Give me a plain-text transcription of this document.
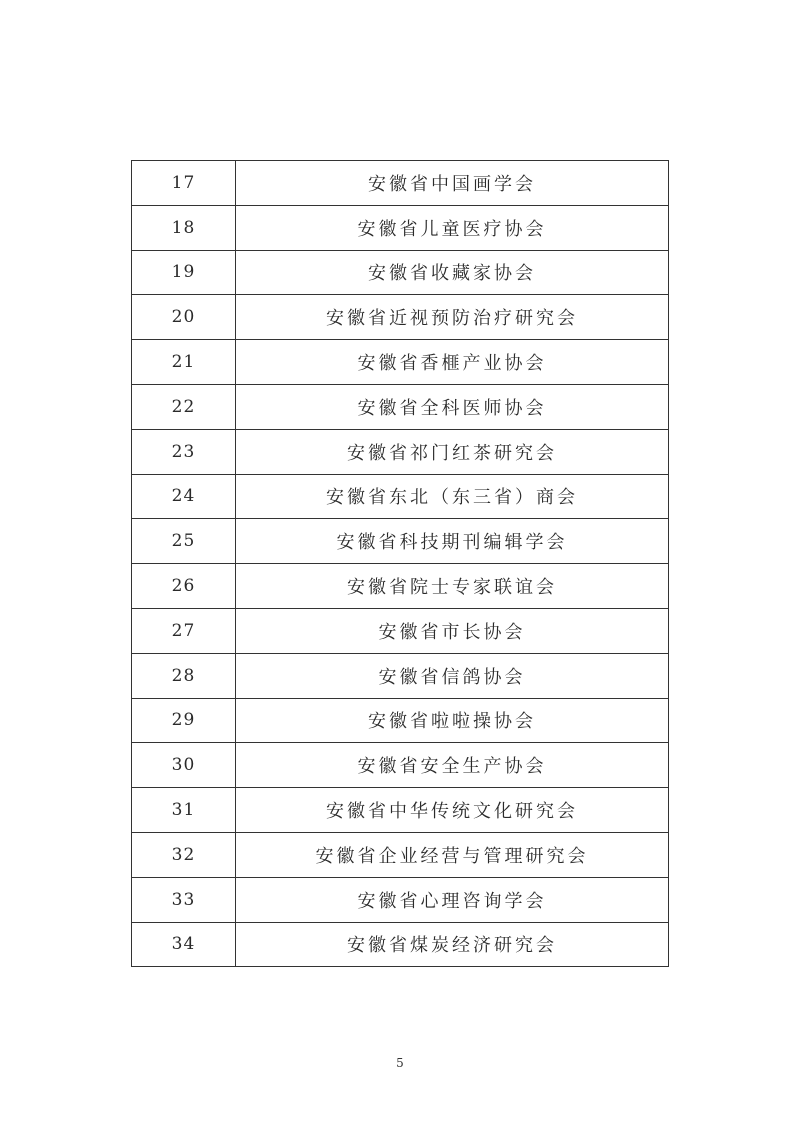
17	安徽省中国画学会
18	安徽省儿童医疗协会
19	安徽省收藏家协会
20	安徽省近视预防治疗研究会
21	安徽省香榧产业协会
22	安徽省全科医师协会
23	安徽省祁门红茶研究会
24	安徽省东北（东三省）商会
25	安徽省科技期刊编辑学会
26	安徽省院士专家联谊会
27	安徽省市长协会
28	安徽省信鸽协会
29	安徽省啦啦操协会
30	安徽省安全生产协会
31	安徽省中华传统文化研究会
32	安徽省企业经营与管理研究会
33	安徽省心理咨询学会
34	安徽省煤炭经济研究会
5
